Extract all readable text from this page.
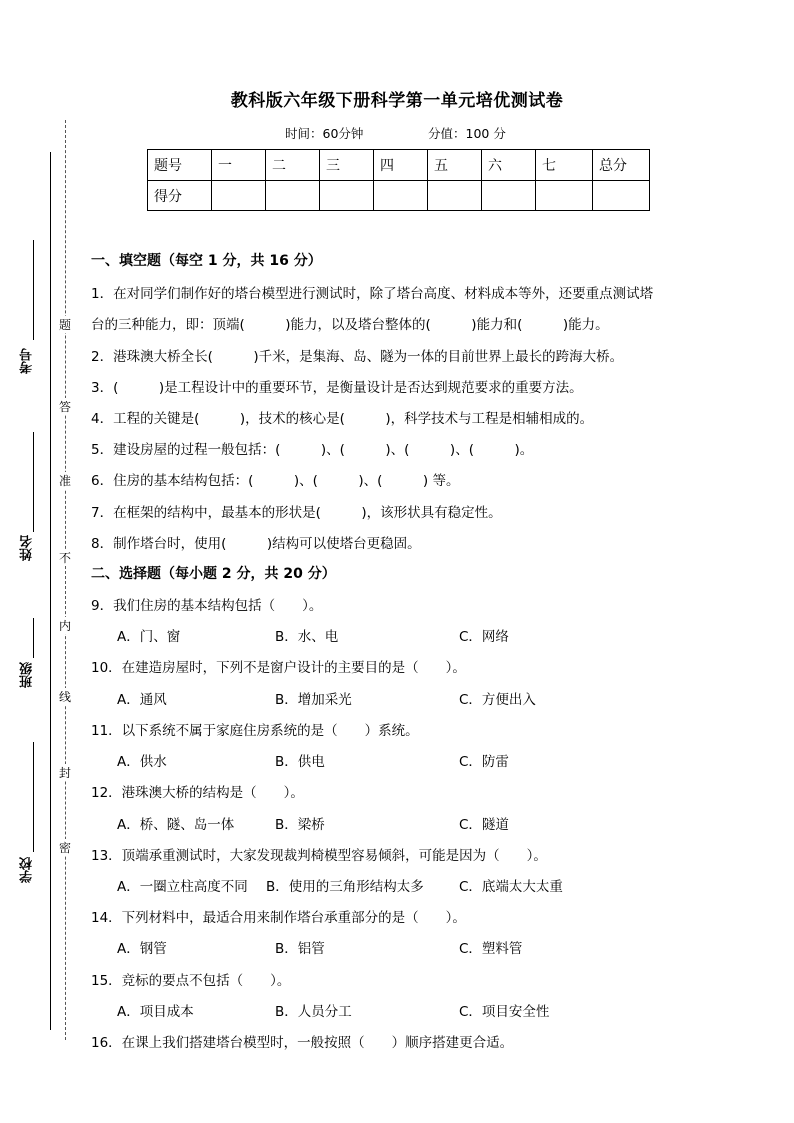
教科版六年级下册科学第一单元培优测试卷
时间：60分钟	分值：100 分
题号	一	二	三	四	五	六	七	总分
得分								
题
答
准
不
内
线
封
密
考号
姓名
班级
学校
一、填空题（每空 1 分，共 16 分）
1．在对同学们制作好的塔台模型进行测试时，除了塔台高度、材料成本等外，还要重点测试塔
台的三种能力，即：顶端(　　　)能力，以及塔台整体的(　　　)能力和(　　　)能力。
2．港珠澳大桥全长(　　　)千米，是集海、岛、隧为一体的目前世界上最长的跨海大桥。
3．(　　　)是工程设计中的重要环节，是衡量设计是否达到规范要求的重要方法。
4．工程的关键是(　　　)，技术的核心是(　　　)，科学技术与工程是相辅相成的。
5．建设房屋的过程一般包括：(　　　)、(　　　)、(　　　)、(　　　)。
6．住房的基本结构包括：(　　　)、(　　　)、(　　　) 等。
7．在框架的结构中，最基本的形状是(　　　)，该形状具有稳定性。
8．制作塔台时，使用(　　　)结构可以使塔台更稳固。
二、选择题（每小题 2 分，共 20 分）
9．我们住房的基本结构包括（　　）。
A．门、窗	B．水、电	C．网络
10．在建造房屋时，下列不是窗户设计的主要目的是（　　）。
A．通风	B．增加采光	C．方便出入
11．以下系统不属于家庭住房系统的是（　　）系统。
A．供水	B．供电	C．防雷
12．港珠澳大桥的结构是（　　）。
A．桥、隧、岛一体	B．梁桥	C．隧道
13．顶端承重测试时，大家发现裁判椅模型容易倾斜，可能是因为（　　）。
A．一圈立柱高度不同 B．使用的三角形结构太多	C．底端太大太重
14．下列材料中，最适合用来制作塔台承重部分的是（　　）。
A．钢管	B．铝管	C．塑料管
15．竞标的要点不包括（　　）。
A．项目成本	B．人员分工	C．项目安全性
16．在课上我们搭建塔台模型时，一般按照（　　）顺序搭建更合适。
